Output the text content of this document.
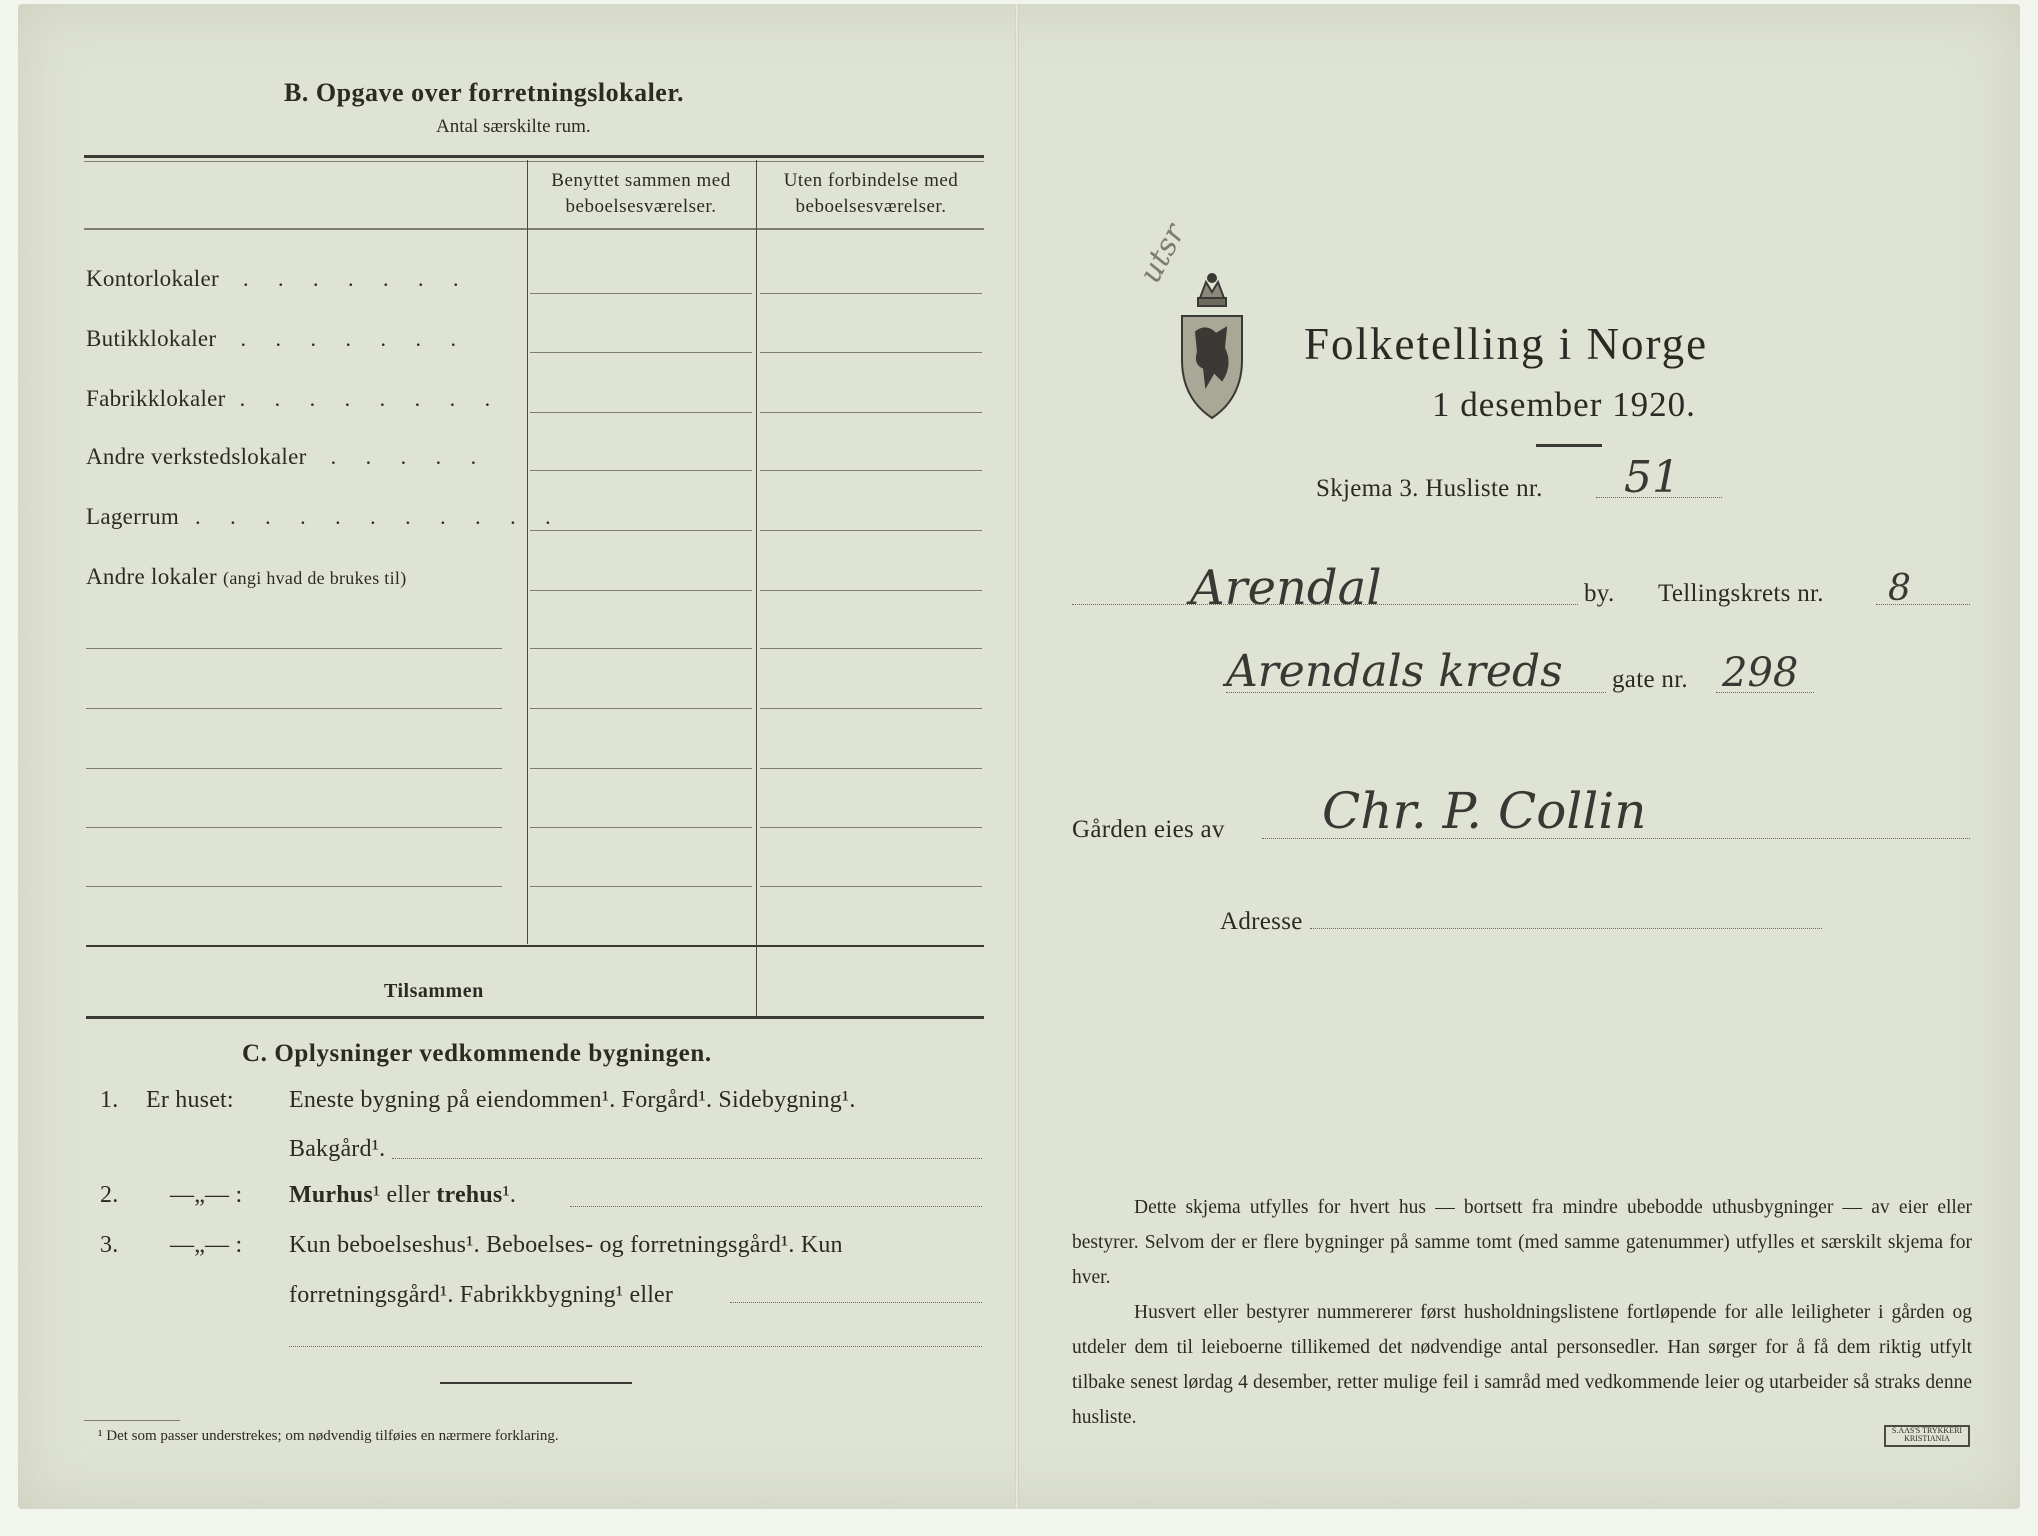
B. Opgave over forretningslokaler.
Antal særskilte rum.
Benyttet sammen med beboelsesværelser.
Uten forbindelse med beboelsesværelser.
Kontorlokaler . . . . . . .
Butikklokaler . . . . . . .
Fabrikklokaler . . . . . . . .
Andre verkstedslokaler . . . . .
Lagerrum . . . . . . . . . . .
Andre lokaler (angi hvad de brukes til)
Tilsammen
C. Oplysninger vedkommende bygningen.
1. Er huset: Eneste bygning på eiendommen¹. Forgård¹. Sidebygning¹.
Bakgård¹.
2. —„— : Murhus¹ eller trehus¹.
3. —„— : Kun beboelseshus¹. Beboelses- og forretningsgård¹. Kun
forretningsgård¹. Fabrikkbygning¹ eller
¹ Det som passer understrekes; om nødvendig tilføies en nærmere forklaring.
Folketelling i Norge
1 desember 1920.
utsr
Skjema 3. Husliste nr. 51
Arendal	by. Tellingskrets nr. 8
Arendals kreds gate nr. 298
Gården eies av Chr. P. Collin
Adresse

Dette skjema utfylles for hvert hus — bortsett fra mindre ubebodde uthusbygninger — av eier eller bestyrer. Selvom der er flere bygninger på samme tomt (med samme gatenummer) utfylles et særskilt skjema for hver.

Husvert eller bestyrer nummererer først husholdningslistene fortløpende for alle leiligheter i gården og utdeler dem til leieboerne tillikemed det nødvendige antal personsedler. Han sørger for å få dem riktig utfylt tilbake senest lørdag 4 desember, retter mulige feil i samråd med vedkommende leier og utarbeider så straks denne husliste.

S.AAS'S TRYKKERI KRISTIANIA
